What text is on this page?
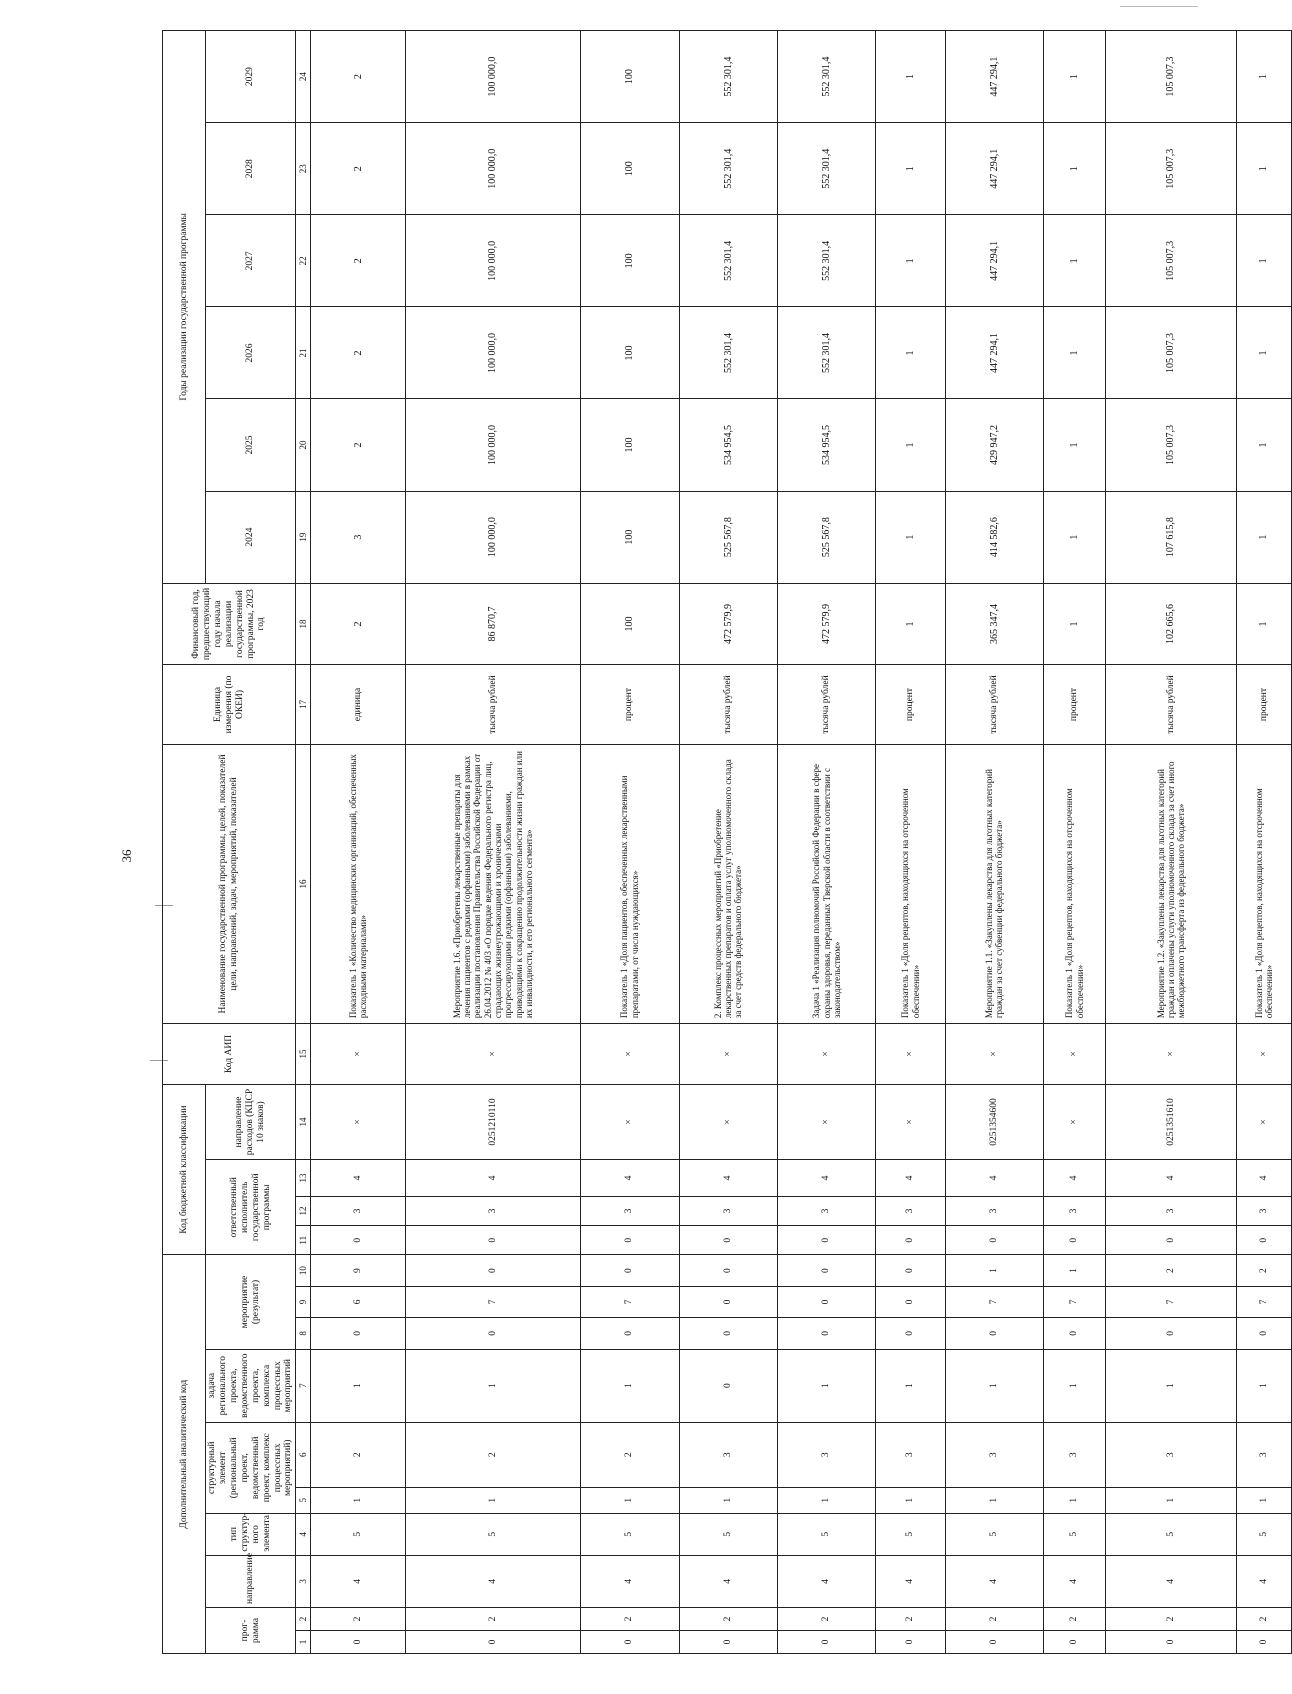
36
Дополнительный аналитический код										Код бюджетной классификации				Код АИП	Наименование государственной программы, целей, показателей цели, направлений, задач, мероприятий, показателей	Единица измерения (по ОКЕИ)	Финансовый год, предшествующий году начала реализации государственной программы, 2023 год	Годы реализации государственной программы					
прог-рамма		направление	тип структур-ного элемента	структурный элемент (региональный проект, ведомственный проект, комплекс процессных мероприятий)		задача регионального проекта, ведомственного проекта, комплекса процессных мероприятий	мероприятие (результат)			ответственный исполнитель государственной программы			направление расходов (КЦСР 10 знаков)					2024	2025	2026	2027	2028	2029
1	2	3	4	5	6	7	8	9	10	11	12	13	14	15	16	17	18	19	20	21	22	23	24
0	2	4	5	1	2	1	0	6	9	0	3	4	×	×	Показатель 1 «Количество медицинских организаций, обеспеченных расходными материалами»	единица	2	3	2	2	2	2	2
0	2	4	5	1	2	1	0	7	0	0	3	4	0251210110	×	Мероприятие 1.6. «Приобретены лекарственные препараты для лечения пациентов с редкими (орфанными) заболеваниями в рамках реализации постановления Правительства Российской Федерации от 26.04.2012 № 403 «О порядке ведения Федерального регистра лиц, страдающих жизнеугрожающими и хроническими прогрессирующими редкими (орфанными) заболеваниями, приводящими к сокращению продолжительности жизни граждан или их инвалидности, и его регионального сегмента»	тысяча рублей	86 870,7	100 000,0	100 000,0	100 000,0	100 000,0	100 000,0	100 000,0
0	2	4	5	1	2	1	0	7	0	0	3	4	×	×	Показатель 1 «Доля пациентов, обеспеченных лекарственными препаратами, от числа нуждающихся»	процент	100	100	100	100	100	100	100
0	2	4	5	1	3	0	0	0	0	0	3	4	×	×	2. Комплекс процессных мероприятий «Приобретение лекарственных препаратов и оплата услуг уполномоченного склада за счет средств федерального бюджета»	тысяча рублей	472 579,9	525 567,8	534 954,5	552 301,4	552 301,4	552 301,4	552 301,4
0	2	4	5	1	3	1	0	0	0	0	3	4	×	×	Задача 1 «Реализация полномочий Российской Федерации в сфере охраны здоровья, переданных Тверской области в соответствии с законодательством»	тысяча рублей	472 579,9	525 567,8	534 954,5	552 301,4	552 301,4	552 301,4	552 301,4
0	2	4	5	1	3	1	0	0	0	0	3	4	×	×	Показатель 1 «Доля рецептов, находящихся на отсроченном обеспечении»	процент	1	1	1	1	1	1	1
0	2	4	5	1	3	1	0	7	1	0	3	4	0251354600	×	Мероприятие 1.1. «Закуплены лекарства для льготных категорий граждан за счет субвенции федерального бюджета»	тысяча рублей	365 347,4	414 582,6	429 947,2	447 294,1	447 294,1	447 294,1	447 294,1
0	2	4	5	1	3	1	0	7	1	0	3	4	×	×	Показатель 1 «Доля рецептов, находящихся на отсроченном обеспечении»	процент	1	1	1	1	1	1	1
0	2	4	5	1	3	1	0	7	2	0	3	4	0251351610	×	Мероприятие 1.2. «Закуплены лекарства для льготных категорий граждан и оплачены услуги уполномоченного склада за счет иного межбюджетного трансферта из федерального бюджета»	тысяча рублей	102 665,6	107 615,8	105 007,3	105 007,3	105 007,3	105 007,3	105 007,3
0	2	4	5	1	3	1	0	7	2	0	3	4	×	×	Показатель 1 «Доля рецептов, находящихся на отсроченном обеспечении»	процент	1	1	1	1	1	1	1
